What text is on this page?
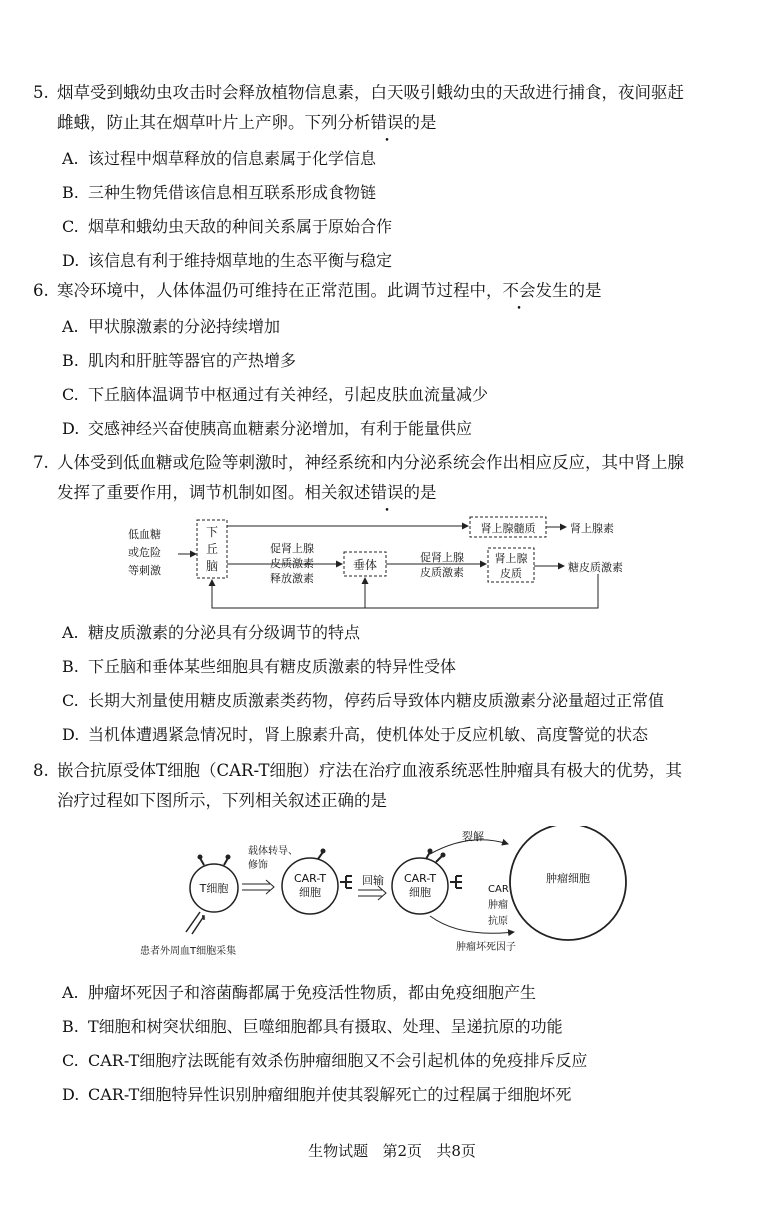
5. 烟草受到蛾幼虫攻击时会释放植物信息素，白天吸引蛾幼虫的天敌进行捕食，夜间驱赶
雌蛾，防止其在烟草叶片上产卵。下列分析错误的是
A. 该过程中烟草释放的信息素属于化学信息
B. 三种生物凭借该信息相互联系形成食物链
C. 烟草和蛾幼虫天敌的种间关系属于原始合作
D. 该信息有利于维持烟草地的生态平衡与稳定
6. 寒冷环境中，人体体温仍可维持在正常范围。此调节过程中，不会发生的是
A. 甲状腺激素的分泌持续增加
B. 肌肉和肝脏等器官的产热增多
C. 下丘脑体温调节中枢通过有关神经，引起皮肤血流量减少
D. 交感神经兴奋使胰高血糖素分泌增加，有利于能量供应
7. 人体受到低血糖或危险等刺激时，神经系统和内分泌系统会作出相应反应，其中肾上腺
发挥了重要作用，调节机制如图。相关叙述错误的是
低血糖
或危险
等刺激
下
丘
脑
肾上腺髓质	肾上腺素
促肾上腺
皮质激素
释放激素
垂体
促肾上腺
皮质激素
肾上腺
皮质	糖皮质激素
A. 糖皮质激素的分泌具有分级调节的特点
B. 下丘脑和垂体某些细胞具有糖皮质激素的特异性受体
C. 长期大剂量使用糖皮质激素类药物，停药后导致体内糖皮质激素分泌量超过正常值
D. 当机体遭遇紧急情况时，肾上腺素升高，使机体处于反应机敏、高度警觉的状态
8. 嵌合抗原受体T细胞（CAR-T细胞）疗法在治疗血液系统恶性肿瘤具有极大的优势，其
治疗过程如下图所示，下列相关叙述正确的是
T细胞
载体转导、
修饰
CAR-T
细胞
回输 CAR-T
细胞
裂解
肿瘤细胞
CAR
肿瘤
抗原
肿瘤坏死因子
患者外周血T细胞采集
A. 肿瘤坏死因子和溶菌酶都属于免疫活性物质，都由免疫细胞产生
B. T细胞和树突状细胞、巨噬细胞都具有摄取、处理、呈递抗原的功能
C. CAR-T细胞疗法既能有效杀伤肿瘤细胞又不会引起机体的免疫排斥反应
D. CAR-T细胞特异性识别肿瘤细胞并使其裂解死亡的过程属于细胞坏死
生物试题 第2页 共8页
